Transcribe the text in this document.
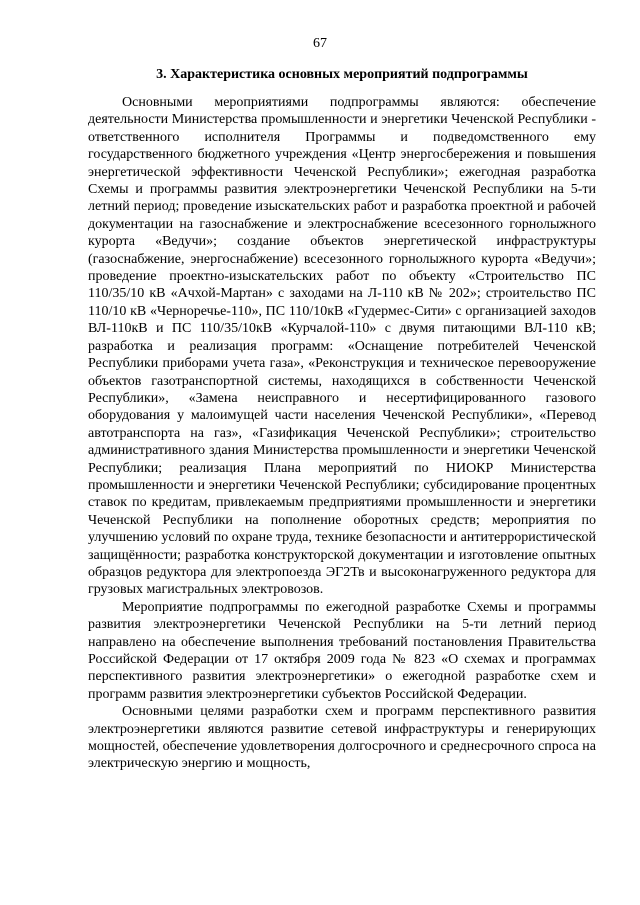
67
3. Характеристика основных мероприятий подпрограммы

Основными мероприятиями подпрограммы являются: обеспечение деятельности Министерства промышленности и энергетики Чеченской Республики - ответственного исполнителя Программы и подведомственного ему государственного бюджетного учреждения «Центр энергосбережения и повышения энергетической эффективности Чеченской Республики»; ежегодная разработка Схемы и программы развития электроэнергетики Чеченской Республики на 5-ти летний период; проведение изыскательских работ и разработка проектной и рабочей документации на газоснабжение и электроснабжение всесезонного горнолыжного курорта «Ведучи»; создание объектов энергетической инфраструктуры (газоснабжение, энергоснабжение) всесезонного горнолыжного курорта «Ведучи»; проведение проектно-изыскательских работ по объекту «Строительство ПС 110/35/10 кВ «Ачхой-Мартан» с заходами на Л-110 кВ № 202»; строительство ПС 110/10 кВ «Черноречье-110», ПС 110/10кВ «Гудермес-Сити» с организацией заходов ВЛ-110кВ и ПС 110/35/10кВ «Курчалой-110» с двумя питающими ВЛ-110 кВ; разработка и реализация программ: «Оснащение потребителей Чеченской Республики приборами учета газа», «Реконструкция и техническое перевооружение объектов газотранспортной системы, находящихся в собственности Чеченской Республики», «Замена неисправного и несертифицированного газового оборудования у малоимущей части населения Чеченской Республики», «Перевод автотранспорта на газ», «Газификация Чеченской Республики»; строительство административного здания Министерства промышленности и энергетики Чеченской Республики; реализация Плана мероприятий по НИОКР Министерства промышленности и энергетики Чеченской Республики; субсидирование процентных ставок по кредитам, привлекаемым предприятиями промышленности и энергетики Чеченской Республики на пополнение оборотных средств; мероприятия по улучшению условий по охране труда, технике безопасности и антитеррористической защищённости; разработка конструкторской документации и изготовление опытных образцов редуктора для электропоезда ЭГ2Тв и высоконагруженного редуктора для грузовых магистральных электровозов.

Мероприятие подпрограммы по ежегодной разработке Схемы и программы развития электроэнергетики Чеченской Республики на 5-ти летний период направлено на обеспечение выполнения требований постановления Правительства Российской Федерации от 17 октября 2009 года № 823 «О схемах и программах перспективного развития электроэнергетики» о ежегодной разработке схем и программ развития электроэнергетики субъектов Российской Федерации.

Основными целями разработки схем и программ перспективного развития электроэнергетики являются развитие сетевой инфраструктуры и генерирующих мощностей, обеспечение удовлетворения долгосрочного и среднесрочного спроса на электрическую энергию и мощность,
